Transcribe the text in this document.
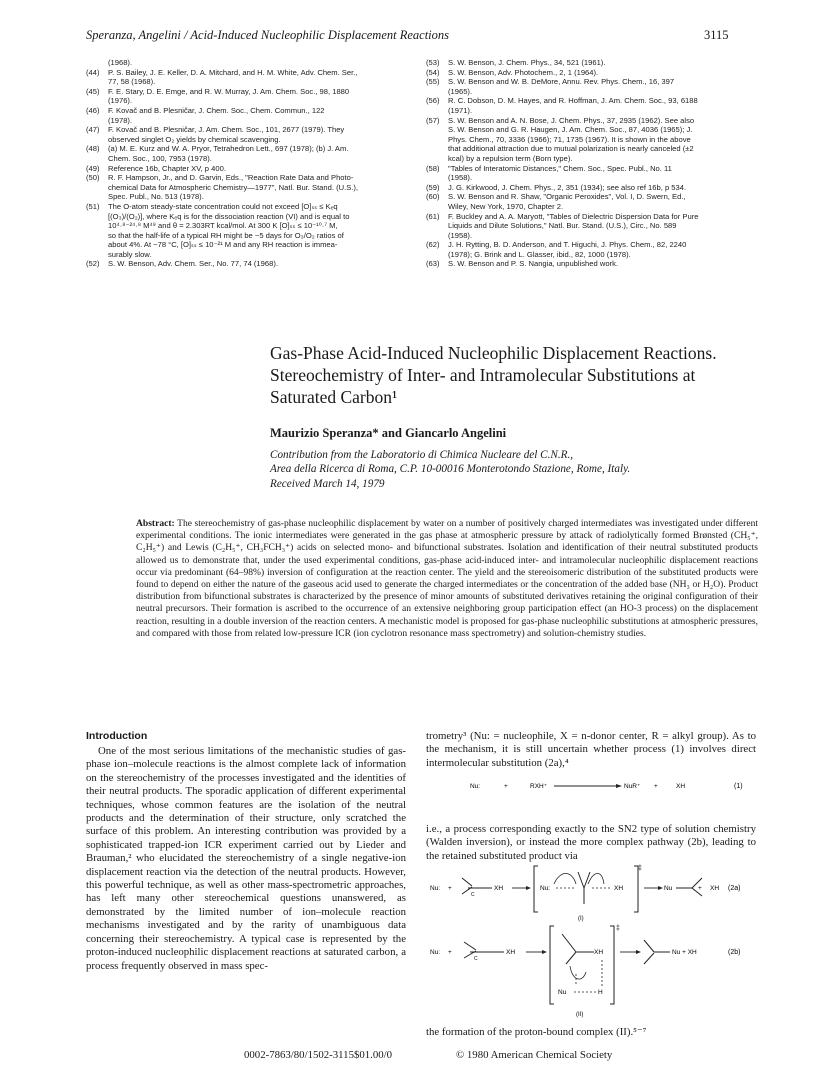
Speranza, Angelini / Acid-Induced Nucleophilic Displacement Reactions	3115
(1968).
(44)	P. S. Bailey, J. E. Keller, D. A. Mitchard, and H. M. White, Adv. Chem. Ser.,
77, 58 (1968).
(45)	F. E. Stary, D. E. Emge, and R. W. Murray, J. Am. Chem. Soc., 98, 1880
(1976).
(46)	F. Kovač and B. Plesničar, J. Chem. Soc., Chem. Commun., 122
(1978).
(47)	F. Kovač and B. Plesničar, J. Am. Chem. Soc., 101, 2677 (1979). They
observed singlet O₂ yields by chemical scavenging.
(48)	(a) M. E. Kurz and W. A. Pryor, Tetrahedron Lett., 697 (1978); (b) J. Am.
Chem. Soc., 100, 7953 (1978).
(49)	Reference 16b, Chapter XV, p 400.
(50)	R. F. Hampson, Jr., and D. Garvin, Eds., "Reaction Rate Data and Photo-
chemical Data for Atmospheric Chemistry—1977", Natl. Bur. Stand. (U.S.),
Spec. Publ., No. 513 (1978).
(51)	The O-atom steady-state concentration could not exceed [O]ₛₛ ≤ Kₑq
[(O₃)/(O₂)], where Kₑq is for the dissociation reaction (VI) and is equal to
10⁴·⁸⁻²⁴·⁸ M⁴⁹ and θ = 2.303RT kcal/mol. At 300 K [O]ₛₛ ≤ 10⁻¹⁰·⁷ M,
so that the half-life of a typical RH might be ~5 days for O₃/O₂ ratios of
about 4%. At −78 °C, [O]ₛₛ ≤ 10⁻²¹ M and any RH reaction is immea-
surably slow.
(52)	S. W. Benson, Adv. Chem. Ser., No. 77, 74 (1968).
(53)	S. W. Benson, J. Chem. Phys., 34, 521 (1961).
(54)	S. W. Benson, Adv. Photochem., 2, 1 (1964).
(55)	S. W. Benson and W. B. DeMore, Annu. Rev. Phys. Chem., 16, 397
(1965).
(56)	R. C. Dobson, D. M. Hayes, and R. Hoffman, J. Am. Chem. Soc., 93, 6188
(1971).
(57)	S. W. Benson and A. N. Bose, J. Chem. Phys., 37, 2935 (1962). See also
S. W. Benson and G. R. Haugen, J. Am. Chem. Soc., 87, 4036 (1965); J.
Phys. Chem., 70, 3336 (1966); 71, 1735 (1967). It is shown in the above
that additional attraction due to mutual polarization is nearly canceled (±2
kcal) by a repulsion term (Born type).
(58)	"Tables of Interatomic Distances," Chem. Soc., Spec. Publ., No. 11
(1958).
(59)	J. G. Kirkwood, J. Chem. Phys., 2, 351 (1934); see also ref 16b, p 534.
(60)	S. W. Benson and R. Shaw, "Organic Peroxides", Vol. I, D. Swern, Ed.,
Wiley, New York, 1970, Chapter 2.
(61)	F. Buckley and A. A. Maryott, "Tables of Dielectric Dispersion Data for Pure
Liquids and Dilute Solutions," Natl. Bur. Stand. (U.S.), Circ., No. 589
(1958).
(62)	J. H. Rytting, B. D. Anderson, and T. Higuchi, J. Phys. Chem., 82, 2240
(1978); G. Brink and L. Glasser, ibid., 82, 1000 (1978).
(63)	S. W. Benson and P. S. Nangia, unpublished work.
Gas-Phase Acid-Induced Nucleophilic Displacement Reactions. Stereochemistry of Inter- and Intramolecular Substitutions at Saturated Carbon¹
Maurizio Speranza* and Giancarlo Angelini
Contribution from the Laboratorio di Chimica Nucleare del C.N.R.,
Area della Ricerca di Roma, C.P. 10-00016 Monterotondo Stazione, Rome, Italy.
Received March 14, 1979
Abstract: The stereochemistry of gas-phase nucleophilic displacement by water on a number of positively charged intermediates was investigated under different experimental conditions. The ionic intermediates were generated in the gas phase at atmospheric pressure by attack of radiolytically formed Brønsted (CH₅⁺, C₂H₅⁺) and Lewis (C₂H₅⁺, CH₃FCH₃⁺) acids on selected mono- and bifunctional substrates. Isolation and identification of their neutral substituted products allowed us to demonstrate that, under the used experimental conditions, gas-phase acid-induced inter- and intramolecular nucleophilic displacement reactions occur via predominant (64–98%) inversion of configuration at the reaction center. The yield and the stereoisomeric distribution of the substituted products were found to depend on either the nature of the gaseous acid used to generate the charged intermediates or the concentration of the added base (NH₃ or H₂O). Product distribution from bifunctional substrates is characterized by the presence of minor amounts of substituted derivatives retaining the original configuration of their neutral precursors. Their formation is ascribed to the occurrence of an extensive neighboring group participation effect (an HO-3 process) on the displacement reaction, resulting in a double inversion of the reaction centers. A mechanistic model is proposed for gas-phase nucleophilic substitutions at atmospheric pressures, and compared with those from related low-pressure ICR (ion cyclotron resonance mass spectrometry) and solution-chemistry studies.
Introduction
One of the most serious limitations of the mechanistic studies of gas-phase ion–molecule reactions is the almost complete lack of information on the stereochemistry of the processes investigated and the identities of their neutral products. The sporadic application of different experimental techniques, whose common features are the isolation of the neutral products and the determination of their structure, only scratched the surface of this problem. An interesting contribution was provided by a sophisticated trapped-ion ICR experiment carried out by Lieder and Brauman,² who elucidated the stereochemistry of a single negative-ion displacement reaction via the detection of the neutral products. However, this powerful technique, as well as other mass-spectrometric approaches, has left many other stereochemical questions unanswered, as demonstrated by the limited number of ion–molecule reaction mechanisms investigated and by the rarity of unambiguous data concerning their stereochemistry. A typical case is represented by the proton-induced nucleophilic displacement reactions at saturated carbon, a process frequently observed in mass spec-
trometry³ (Nu: = nucleophile, X = n-donor center, R = alkyl group). As to the mechanism, it is still uncertain whether process (1) involves direct intermolecular substitution (2a),⁴
Nu:	+	RXH⁺	NuR⁺ +	XH	(1)
i.e., a process corresponding exactly to the SN2 type of solution chemistry (Walden inversion), or instead the more complex pathway (2b), leading to the retained substituted product via
Nu: +
C
XH	Nu:	XH
‡
Nu	+ XH (2a)
(I)
Nu: +
C
XH	XH
Nu	H
‡
Nu + XH	(2b)
(II)
the formation of the proton-bound complex (II).⁵⁻⁷
0002-7863/80/1502-3115$01.00/0	© 1980 American Chemical Society
